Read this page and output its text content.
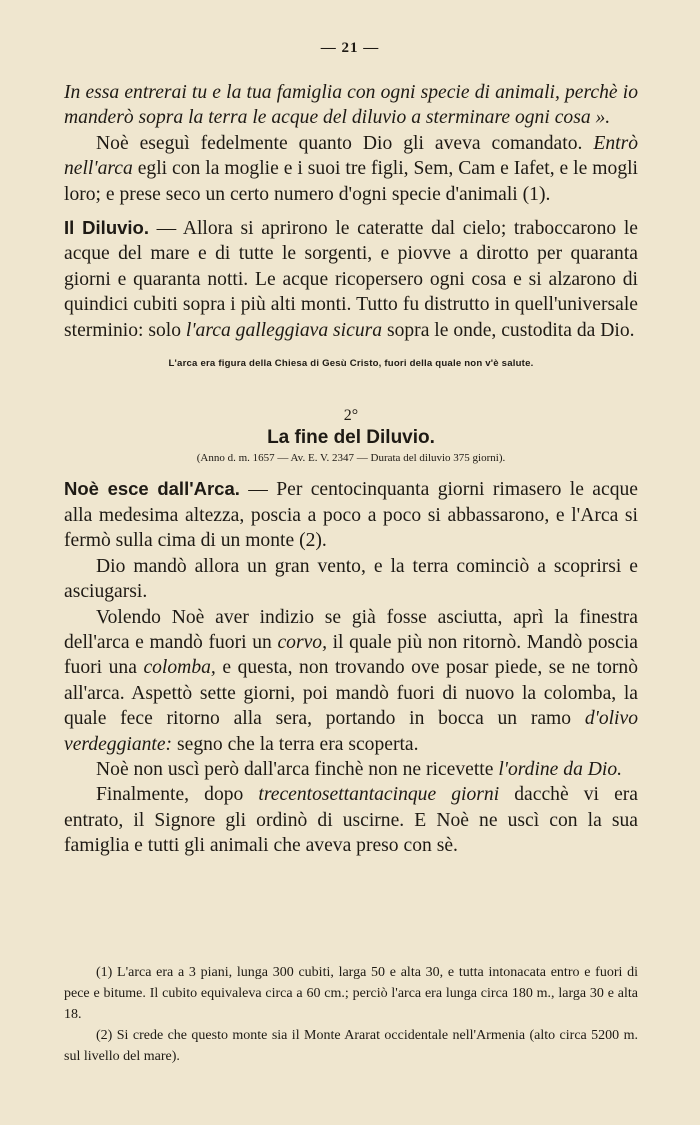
— 21 —

In essa entrerai tu e la tua famiglia con ogni specie di animali, perchè io manderò sopra la terra le acque del diluvio a sterminare ogni cosa ».

Noè eseguì fedelmente quanto Dio gli aveva comandato. Entrò nell'arca egli con la moglie e i suoi tre figli, Sem, Cam e Iafet, e le mogli loro; e prese seco un certo numero d'ogni specie d'animali (1).

Il Diluvio. — Allora si aprirono le cateratte dal cielo; traboccarono le acque del mare e di tutte le sorgenti, e piovve a dirotto per quaranta giorni e quaranta notti. Le acque ricopersero ogni cosa e si alzarono di quindici cubiti sopra i più alti monti. Tutto fu distrutto in quell'universale sterminio: solo l'arca galleggiava sicura sopra le onde, custodita da Dio.

L'arca era figura della Chiesa di Gesù Cristo, fuori della quale non v'è salute.

2°

La fine del Diluvio.

(Anno d. m. 1657 — Av. E. V. 2347 — Durata del diluvio 375 giorni).

Noè esce dall'Arca. — Per centocinquanta giorni rimasero le acque alla medesima altezza, poscia a poco a poco si abbassarono, e l'Arca si fermò sulla cima di un monte (2).

Dio mandò allora un gran vento, e la terra cominciò a scoprirsi e asciugarsi.

Volendo Noè aver indizio se già fosse asciutta, aprì la finestra dell'arca e mandò fuori un corvo, il quale più non ritornò. Mandò poscia fuori una colomba, e questa, non trovando ove posar piede, se ne tornò all'arca. Aspettò sette giorni, poi mandò fuori di nuovo la colomba, la quale fece ritorno alla sera, portando in bocca un ramo d'olivo verdeggiante: segno che la terra era scoperta.

Noè non uscì però dall'arca finchè non ne ricevette l'ordine da Dio.

Finalmente, dopo trecentosettantacinque giorni dacchè vi era entrato, il Signore gli ordinò di uscirne. E Noè ne uscì con la sua famiglia e tutti gli animali che aveva preso con sè.

(1) L'arca era a 3 piani, lunga 300 cubiti, larga 50 e alta 30, e tutta intonacata entro e fuori di pece e bitume. Il cubito equivaleva circa a 60 cm.; perciò l'arca era lunga circa 180 m., larga 30 e alta 18.

(2) Si crede che questo monte sia il Monte Ararat occidentale nell'Armenia (alto circa 5200 m. sul livello del mare).
